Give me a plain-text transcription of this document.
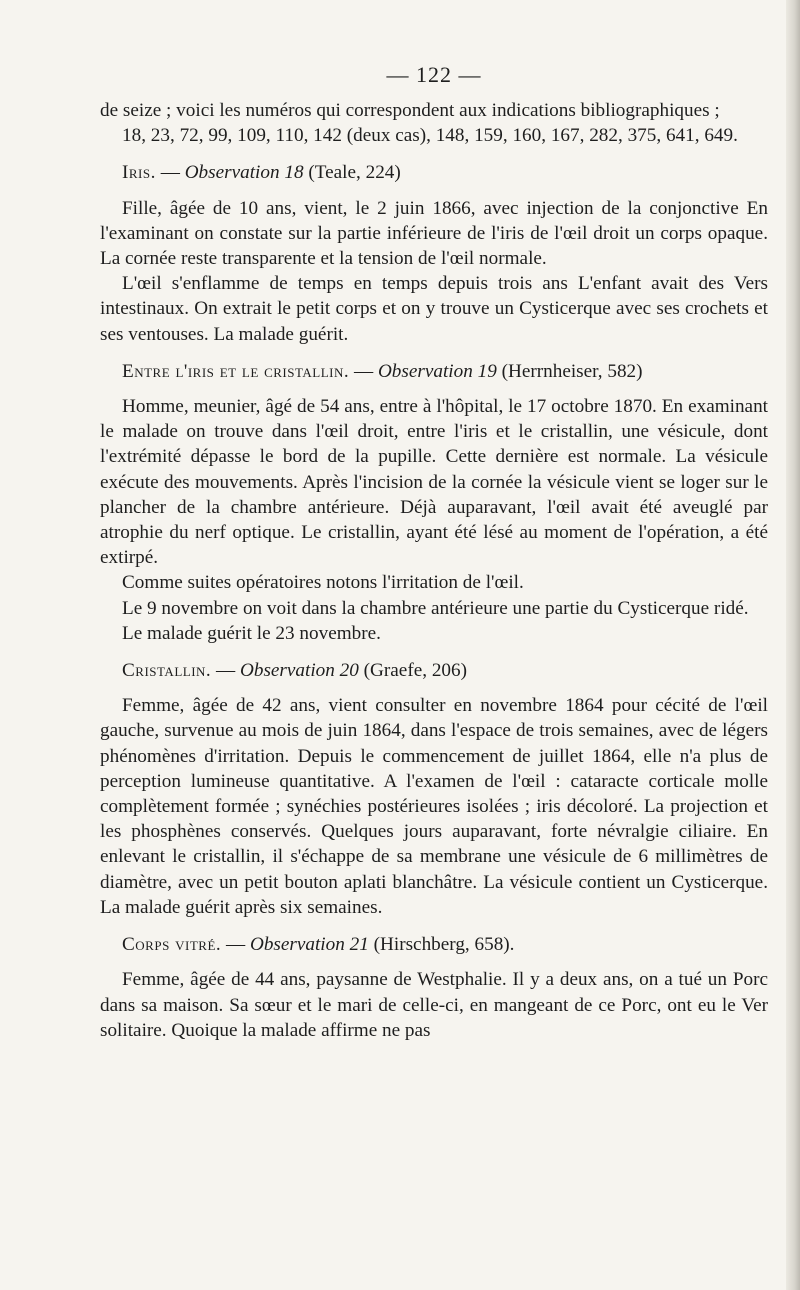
— 122 —

de seize ; voici les numéros qui correspondent aux indications bibliographiques ;

18, 23, 72, 99, 109, 110, 142 (deux cas), 148, 159, 160, 167, 282, 375, 641, 649.
Iris. — Observation 18 (Teale, 224)

Fille, âgée de 10 ans, vient, le 2 juin 1866, avec injection de la conjonctive En l'examinant on constate sur la partie inférieure de l'iris de l'œil droit un corps opaque. La cornée reste transparente et la tension de l'œil normale.

L'œil s'enflamme de temps en temps depuis trois ans L'enfant avait des Vers intestinaux. On extrait le petit corps et on y trouve un Cysticerque avec ses crochets et ses ventouses. La malade guérit.

Entre l'iris et le cristallin. — Observation 19 (Herrnheiser, 582)

Homme, meunier, âgé de 54 ans, entre à l'hôpital, le 17 octobre 1870. En examinant le malade on trouve dans l'œil droit, entre l'iris et le cristallin, une vésicule, dont l'extrémité dépasse le bord de la pupille. Cette dernière est normale. La vésicule exécute des mouvements. Après l'incision de la cornée la vésicule vient se loger sur le plancher de la chambre antérieure. Déjà auparavant, l'œil avait été aveuglé par atrophie du nerf optique. Le cristallin, ayant été lésé au moment de l'opération, a été extirpé.

Comme suites opératoires notons l'irritation de l'œil.

Le 9 novembre on voit dans la chambre antérieure une partie du Cysticerque ridé.

Le malade guérit le 23 novembre.

Cristallin. — Observation 20 (Graefe, 206)

Femme, âgée de 42 ans, vient consulter en novembre 1864 pour cécité de l'œil gauche, survenue au mois de juin 1864, dans l'espace de trois semaines, avec de légers phénomènes d'irritation. Depuis le commencement de juillet 1864, elle n'a plus de perception lumineuse quantitative. A l'examen de l'œil : cataracte corticale molle complètement formée ; synéchies postérieures isolées ; iris décoloré. La projection et les phosphènes conservés. Quelques jours auparavant, forte névralgie ciliaire. En enlevant le cristallin, il s'échappe de sa membrane une vésicule de 6 millimètres de diamètre, avec un petit bouton aplati blanchâtre. La vésicule contient un Cysticerque. La malade guérit après six semaines.

Corps vitré. — Observation 21 (Hirschberg, 658).

Femme, âgée de 44 ans, paysanne de Westphalie. Il y a deux ans, on a tué un Porc dans sa maison. Sa sœur et le mari de celle-ci, en mangeant de ce Porc, ont eu le Ver solitaire. Quoique la malade affirme ne pas
